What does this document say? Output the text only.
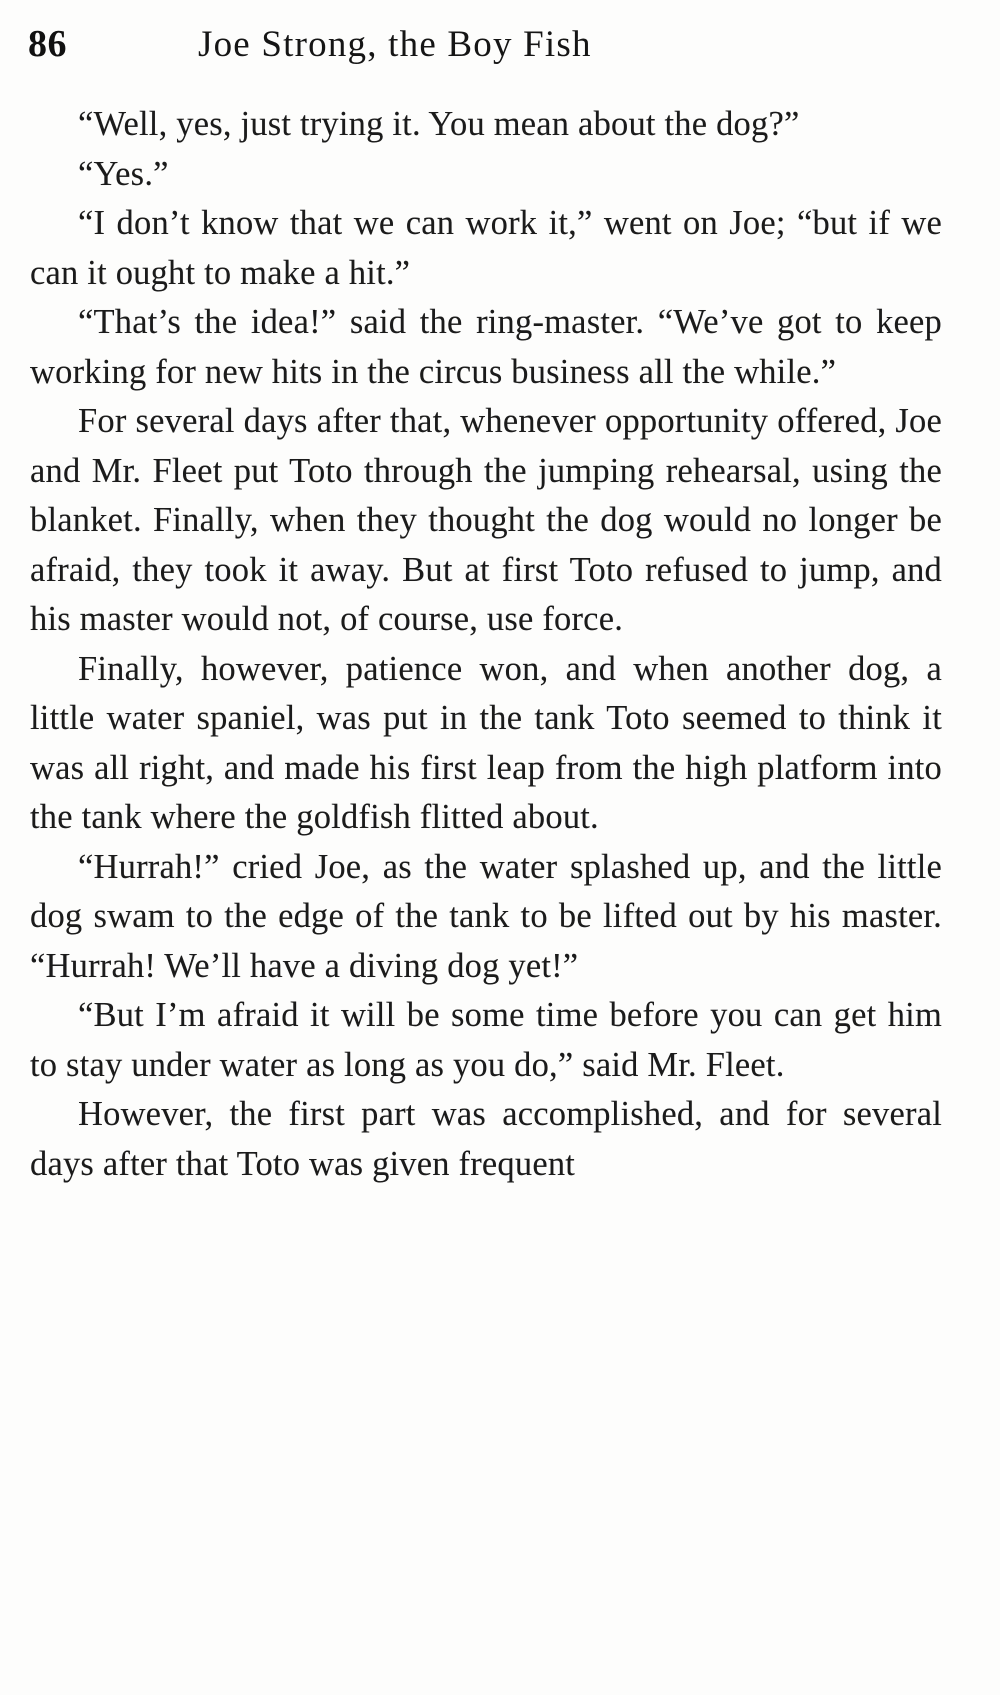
86	Joe Strong, the Boy Fish

“Well, yes, just trying it. You mean about the dog?”

“Yes.”

“I don’t know that we can work it,” went on Joe; “but if we can it ought to make a hit.”

“That’s the idea!” said the ring-master. “We’ve got to keep working for new hits in the circus business all the while.”

For several days after that, whenever opportunity offered, Joe and Mr. Fleet put Toto through the jumping rehearsal, using the blanket. Finally, when they thought the dog would no longer be afraid, they took it away. But at first Toto refused to jump, and his master would not, of course, use force.

Finally, however, patience won, and when another dog, a little water spaniel, was put in the tank Toto seemed to think it was all right, and made his first leap from the high platform into the tank where the goldfish flitted about.

“Hurrah!” cried Joe, as the water splashed up, and the little dog swam to the edge of the tank to be lifted out by his master. “Hurrah! We’ll have a diving dog yet!”

“But I’m afraid it will be some time before you can get him to stay under water as long as you do,” said Mr. Fleet.

However, the first part was accomplished, and for several days after that Toto was given frequent
